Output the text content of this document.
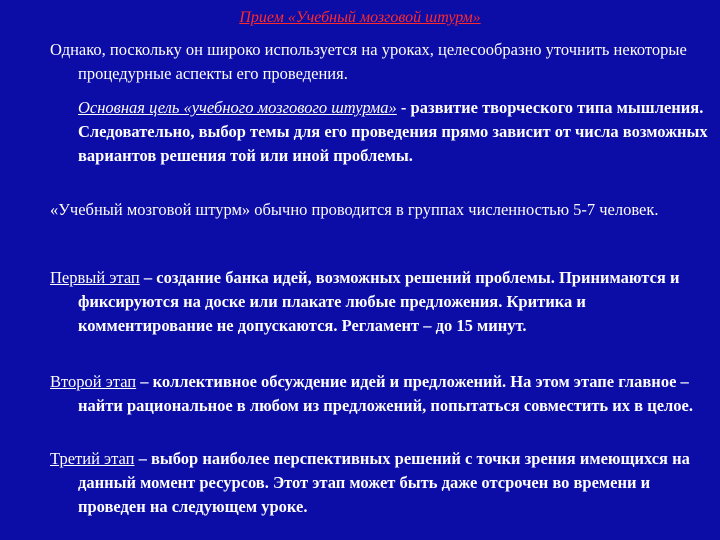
Прием «Учебный мозговой штурм»

Однако, поскольку он широко используется на уроках, целесообразно уточнить некоторые процедурные аспекты его проведения.

Основная цель «учебного мозгового штурма» - развитие творческого типа мышления. Следовательно, выбор темы для его проведения прямо зависит от числа возможных вариантов решения той или иной проблемы.

«Учебный мозговой штурм» обычно проводится в группах численностью 5-7 человек.

Первый этап – создание банка идей, возможных решений проблемы. Принимаются и фиксируются на доске или плакате любые предложения. Критика и комментирование не допускаются. Регламент – до 15 минут.

Второй этап – коллективное обсуждение идей и предложений. На этом этапе главное – найти рациональное в любом из предложений, попытаться совместить их в целое.

Третий этап – выбор наиболее перспективных решений с точки зрения имеющихся на данный момент ресурсов. Этот этап может быть даже отсрочен во времени и проведен на следующем уроке.
